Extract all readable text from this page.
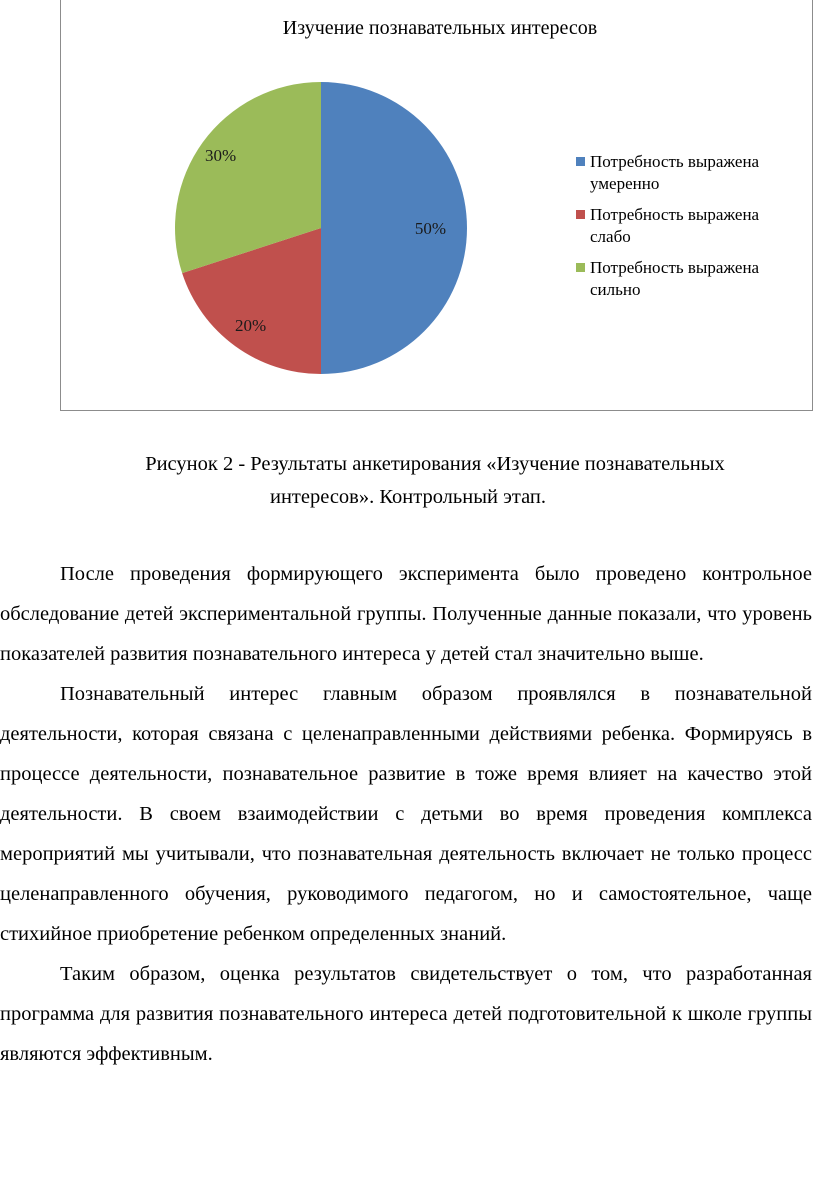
Изучение познавательных интересов
50%
20%
30%	Потребность выражена
умеренно
Потребность выражена
слабо
Потребность выражена
сильно
Рисунок 2 - Результаты анкетирования «Изучение познавательных
интересов». Контрольный этап.

После проведения формирующего эксперимента было проведено контрольное обследование детей экспериментальной группы. Полученные данные показали, что уровень показателей развития познавательного интереса у детей стал значительно выше.

Познавательный интерес главным образом проявлялся в познавательной деятельности, которая связана с целенаправленными действиями ребенка. Формируясь в процессе деятельности, познавательное развитие в тоже время влияет на качество этой деятельности. В своем взаимодействии с детьми во время проведения комплекса мероприятий мы учитывали, что познавательная деятельность включает не только процесс целенаправленного обучения, руководимого педагогом, но и самостоятельное, чаще стихийное приобретение ребенком определенных знаний.

Таким образом, оценка результатов свидетельствует о том, что разработанная программа для развития познавательного интереса детей подготовительной к школе группы являются эффективным.
